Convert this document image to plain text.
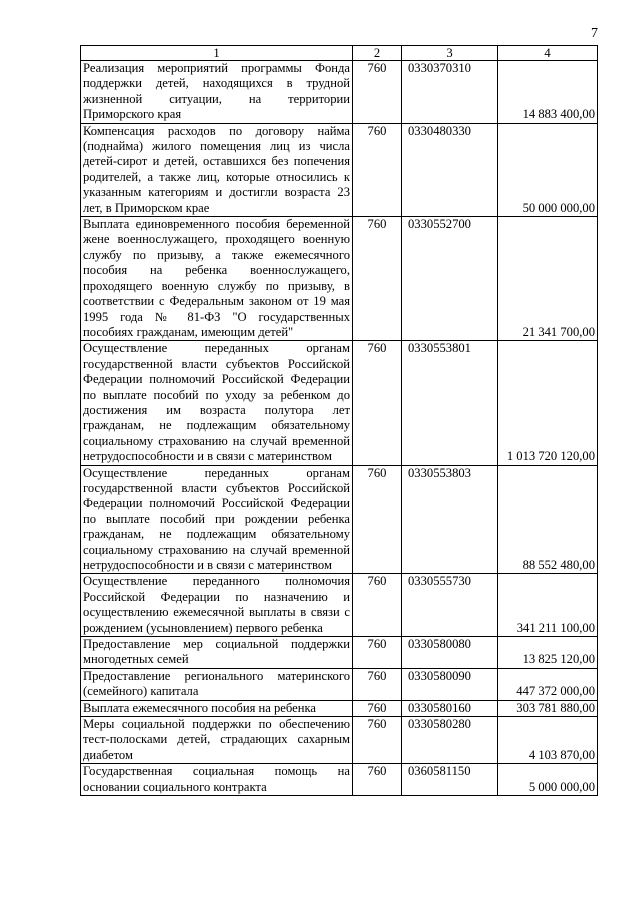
7
1	2	3	4
Реализация мероприятий программы Фонда поддержки детей, находящихся в трудной жизненной ситуации, на территории Приморского края	760	0330370310	14 883 400,00
Компенсация расходов по договору найма (поднайма) жилого помещения лиц из числа детей-сирот и детей, оставшихся без попечения родителей, а также лиц, которые относились к указанным категориям и достигли возраста 23 лет, в Приморском крае	760	0330480330	50 000 000,00
Выплата единовременного пособия беременной жене военнослужащего, проходящего военную службу по призыву, а также ежемесячного пособия на ребенка военнослужащего, проходящего военную службу по призыву, в соответствии с Федеральным законом от 19 мая 1995 года № 81-ФЗ "О государственных пособиях гражданам, имеющим детей"	760	0330552700	21 341 700,00
Осуществление переданных органам государственной власти субъектов Российской Федерации полномочий Российской Федерации по выплате пособий по уходу за ребенком до достижения им возраста полутора лет гражданам, не подлежащим обязательному социальному страхованию на случай временной нетрудоспособности и в связи с материнством	760	0330553801	1 013 720 120,00
Осуществление переданных органам государственной власти субъектов Российской Федерации полномочий Российской Федерации по выплате пособий при рождении ребенка гражданам, не подлежащим обязательному социальному страхованию на случай временной нетрудоспособности и в связи с материнством	760	0330553803	88 552 480,00
Осуществление переданного полномочия Российской Федерации по назначению и осуществлению ежемесячной выплаты в связи с рождением (усыновлением) первого ребенка	760	0330555730	341 211 100,00
Предоставление мер социальной поддержки многодетных семей	760	0330580080	13 825 120,00
Предоставление регионального материнского (семейного) капитала	760	0330580090	447 372 000,00
Выплата ежемесячного пособия на ребенка	760	0330580160	303 781 880,00
Меры социальной поддержки по обеспечению тест-полосками детей, страдающих сахарным диабетом	760	0330580280	4 103 870,00
Государственная социальная помощь на основании социального контракта	760	0360581150	5 000 000,00
